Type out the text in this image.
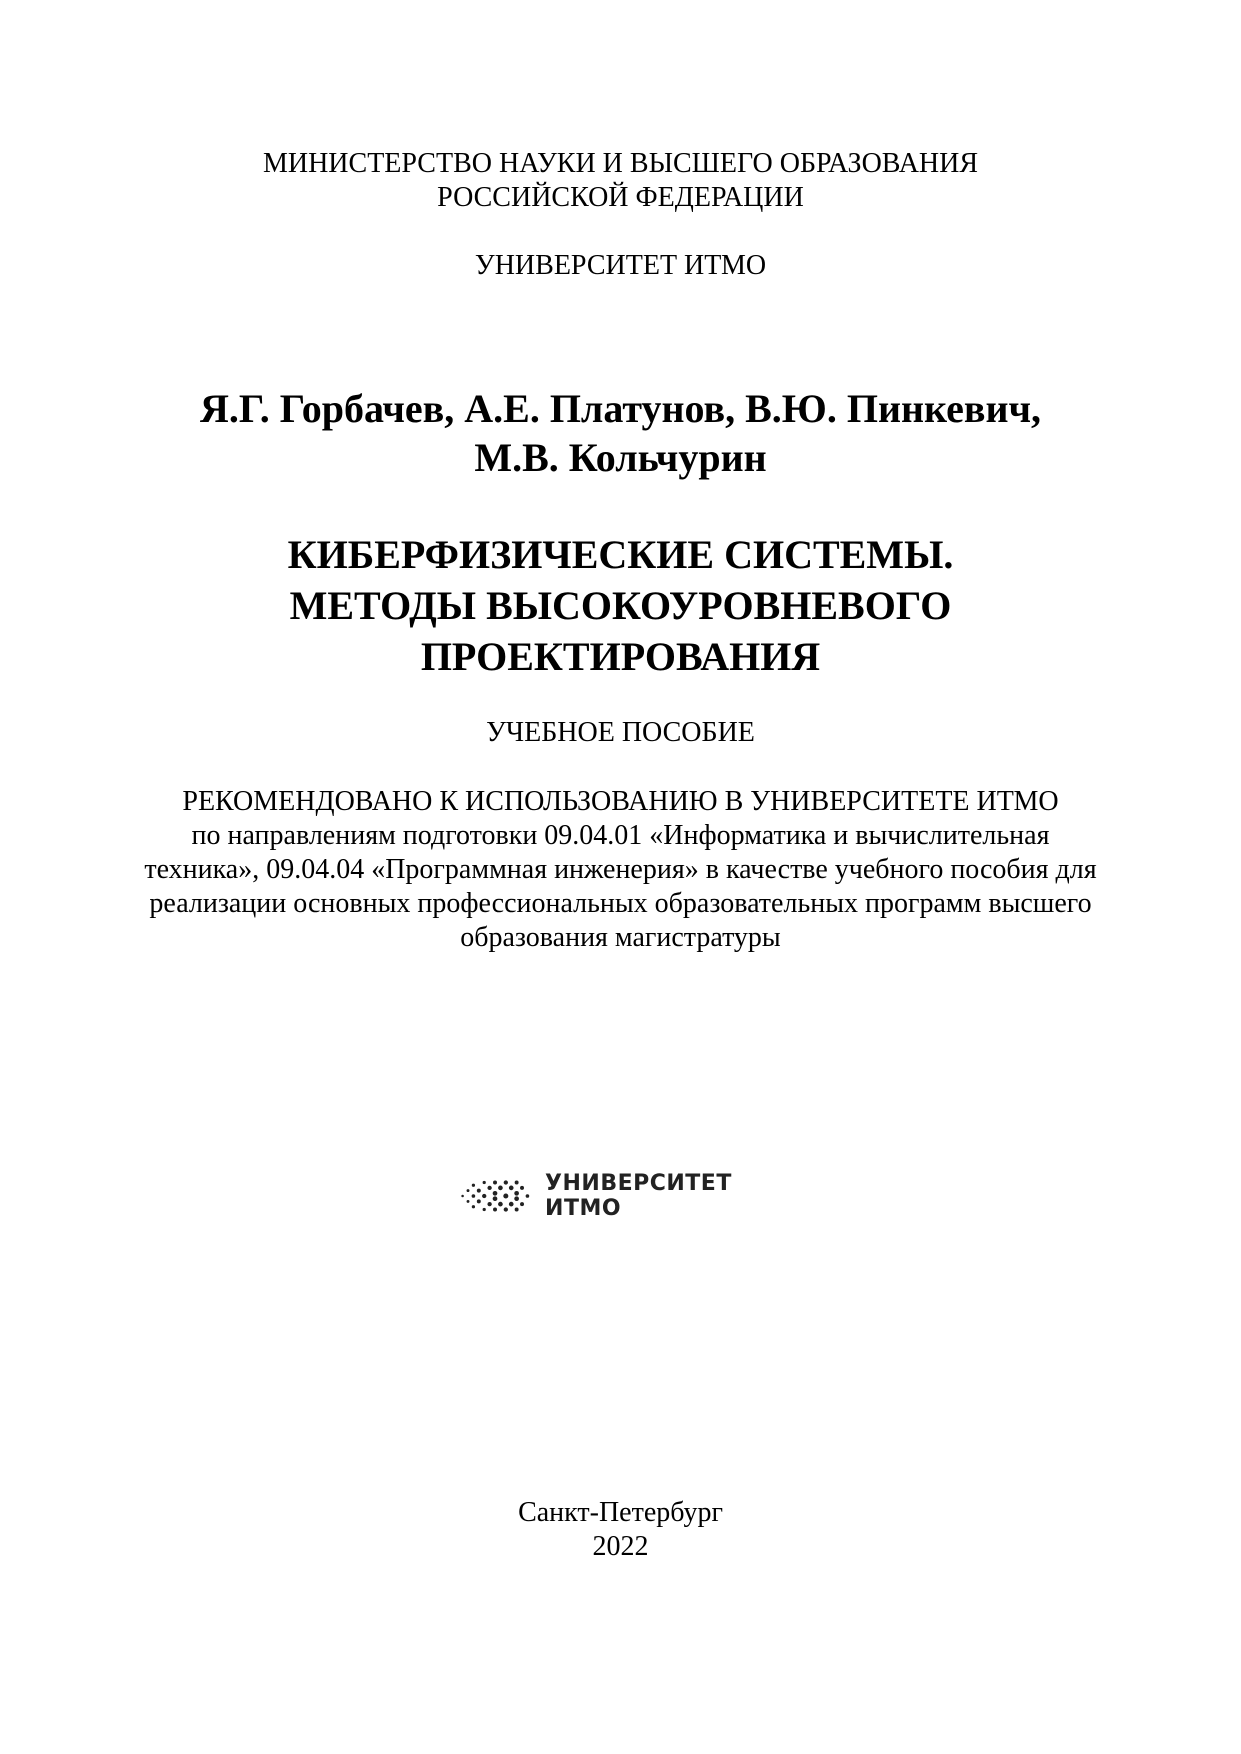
МИНИСТЕРСТВО НАУКИ И ВЫСШЕГО ОБРАЗОВАНИЯ
РОССИЙСКОЙ ФЕДЕРАЦИИ
УНИВЕРСИТЕТ ИТМО
Я.Г. Горбачев, А.Е. Платунов, В.Ю. Пинкевич,
М.В. Кольчурин
КИБЕРФИЗИЧЕСКИЕ СИСТЕМЫ.
МЕТОДЫ ВЫСОКОУРОВНЕВОГО
ПРОЕКТИРОВАНИЯ
УЧЕБНОЕ ПОСОБИЕ
РЕКОМЕНДОВАНО К ИСПОЛЬЗОВАНИЮ В УНИВЕРСИТЕТЕ ИТМО
по направлениям подготовки 09.04.01 «Информатика и вычислительная
техника», 09.04.04 «Программная инженерия» в качестве учебного пособия для
реализации основных профессиональных образовательных программ высшего
образования магистратуры
УНИВЕРСИТЕТ ИТМО
Санкт-Петербург
2022
